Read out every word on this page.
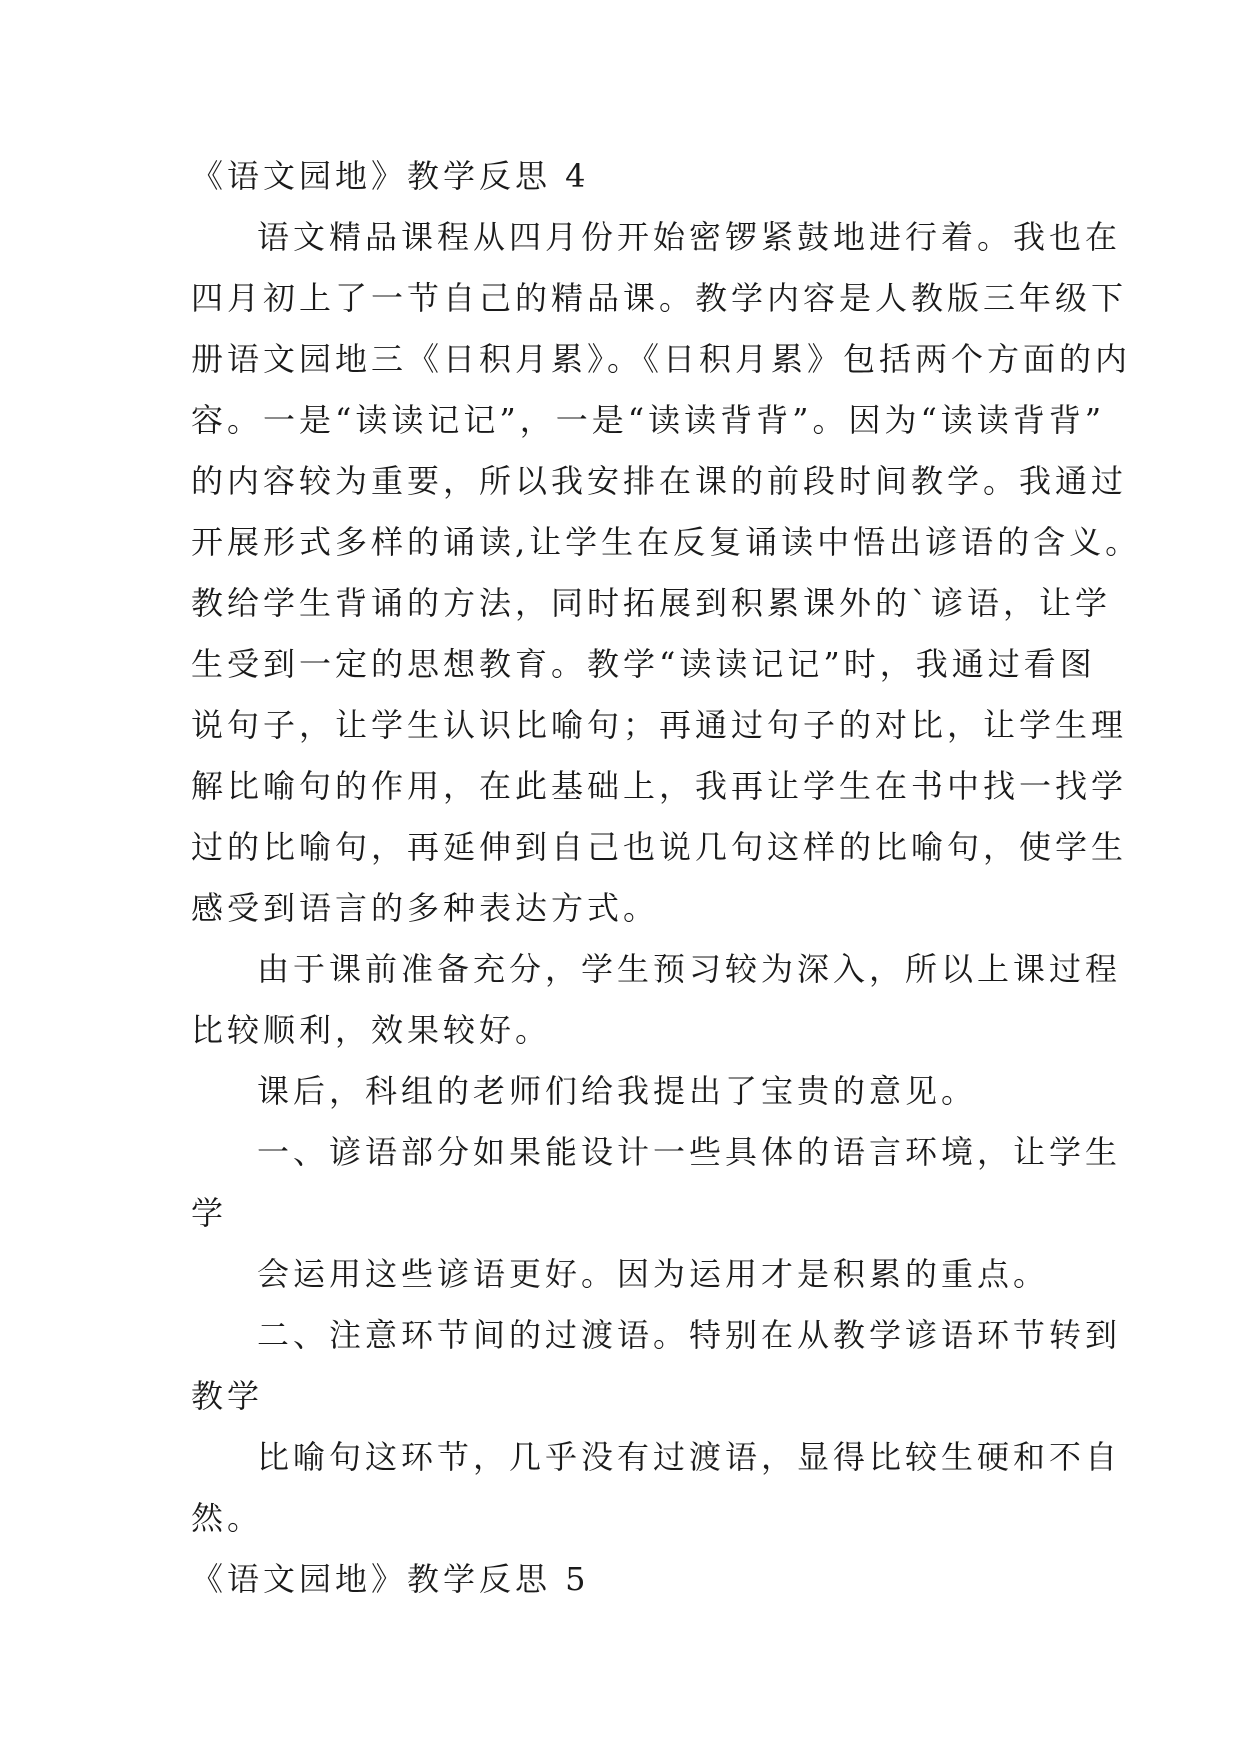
《语文园地》教学反思 4
语文精品课程从四月份开始密锣紧鼓地进行着。我也在
四月初上了一节自己的精品课。教学内容是人教版三年级下
册语文园地三《日积月累》。《日积月累》包括两个方面的内
容。一是“读读记记”，一是“读读背背”。因为“读读背背”
的内容较为重要，所以我安排在课的前段时间教学。我通过
开展形式多样的诵读,让学生在反复诵读中悟出谚语的含义。
教给学生背诵的方法，同时拓展到积累课外的`谚语，让学
生受到一定的思想教育。教学“读读记记”时，我通过看图
说句子，让学生认识比喻句；再通过句子的对比，让学生理
解比喻句的作用，在此基础上，我再让学生在书中找一找学
过的比喻句，再延伸到自己也说几句这样的比喻句，使学生
感受到语言的多种表达方式。
由于课前准备充分，学生预习较为深入，所以上课过程
比较顺利，效果较好。
课后，科组的老师们给我提出了宝贵的意见。
一、谚语部分如果能设计一些具体的语言环境，让学生
学
会运用这些谚语更好。因为运用才是积累的重点。
二、注意环节间的过渡语。特别在从教学谚语环节转到
教学
比喻句这环节，几乎没有过渡语，显得比较生硬和不自
然。
《语文园地》教学反思 5
